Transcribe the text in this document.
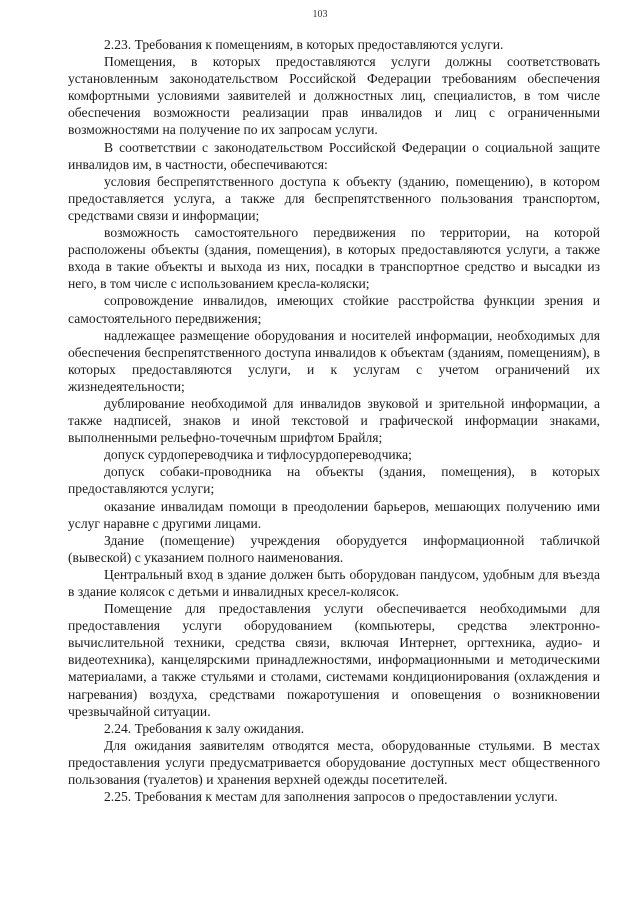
103

2.23. Требования к помещениям, в которых предоставляются услуги.

Помещения, в которых предоставляются услуги должны соответствовать установленным законодательством Российской Федерации требованиям обеспечения комфортными условиями заявителей и должностных лиц, специалистов, в том числе обеспечения возможности реализации прав инвалидов и лиц с ограниченными возможностями на получение по их запросам услуги.

В соответствии с законодательством Российской Федерации о социальной защите инвалидов им, в частности, обеспечиваются:

условия беспрепятственного доступа к объекту (зданию, помещению), в котором предоставляется услуга, а также для беспрепятственного пользования транспортом, средствами связи и информации;

возможность самостоятельного передвижения по территории, на которой расположены объекты (здания, помещения), в которых предоставляются услуги, а также входа в такие объекты и выхода из них, посадки в транспортное средство и высадки из него, в том числе с использованием кресла-коляски;

сопровождение инвалидов, имеющих стойкие расстройства функции зрения и самостоятельного передвижения;

надлежащее размещение оборудования и носителей информации, необходимых для обеспечения беспрепятственного доступа инвалидов к объектам (зданиям, помещениям), в которых предоставляются услуги, и к услугам с учетом ограничений их жизнедеятельности;

дублирование необходимой для инвалидов звуковой и зрительной информации, а также надписей, знаков и иной текстовой и графической информации знаками, выполненными рельефно-точечным шрифтом Брайля;

допуск сурдопереводчика и тифлосурдопереводчика;

допуск собаки-проводника на объекты (здания, помещения), в которых предоставляются услуги;

оказание инвалидам помощи в преодолении барьеров, мешающих получению ими услуг наравне с другими лицами.

Здание (помещение) учреждения оборудуется информационной табличкой (вывеской) с указанием полного наименования.

Центральный вход в здание должен быть оборудован пандусом, удобным для въезда в здание колясок с детьми и инвалидных кресел-колясок.

Помещение для предоставления услуги обеспечивается необходимыми для предоставления услуги оборудованием (компьютеры, средства электронно-вычислительной техники, средства связи, включая Интернет, оргтехника, аудио- и видеотехника), канцелярскими принадлежностями, информационными и методическими материалами, а также стульями и столами, системами кондиционирования (охлаждения и нагревания) воздуха, средствами пожаротушения и оповещения о возникновении чрезвычайной ситуации.

2.24. Требования к залу ожидания.

Для ожидания заявителям отводятся места, оборудованные стульями. В местах предоставления услуги предусматривается оборудование доступных мест общественного пользования (туалетов) и хранения верхней одежды посетителей.

2.25. Требования к местам для заполнения запросов о предоставлении услуги.
